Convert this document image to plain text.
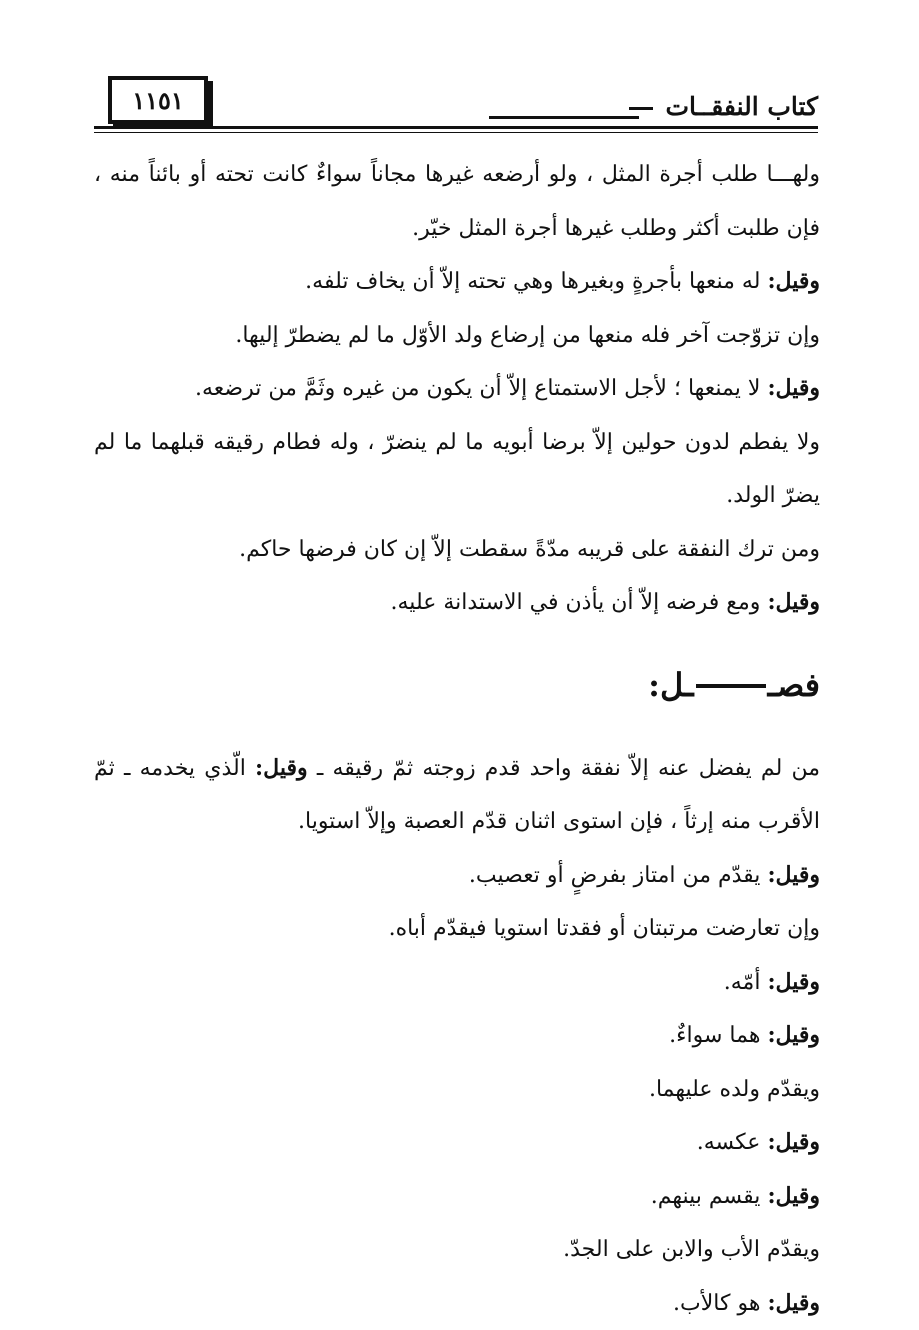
١١٥١	كتاب النفقــات
ولهـــا طلب أجرة المثل ، ولو أرضعه غيرها مجاناً سواءٌ كانت تحته أو بائناً منه ،
فإن طلبت أكثر وطلب غيرها أجرة المثل خيّر.
وقيل: له منعها بأجرةٍ وبغيرها وهي تحته إلاّ أن يخاف تلفه.
وإن تزوّجت آخر فله منعها من إرضاع ولد الأوّل ما لم يضطرّ إليها.
وقيل: لا يمنعها ؛ لأجل الاستمتاع إلاّ أن يكون من غيره وثَمَّ من ترضعه.
ولا يفطم لدون حولين إلاّ برضا أبويه ما لم ينضرّ ، وله فطام رقيقه قبلهما ما لم
يضرّ الولد.
ومن ترك النفقة على قريبه مدّةً سقطت إلاّ إن كان فرضها حاكم.
وقيل: ومع فرضه إلاّ أن يأذن في الاستدانة عليه.
فصـ
ـل:
من لم يفضل عنه إلاّ نفقة واحد قدم زوجته ثمّ رقيقه ـ وقيل: الّذي يخدمه ـ ثمّ
الأقرب منه إرثاً ، فإن استوى اثنان قدّم العصبة وإلاّ استويا.
وقيل: يقدّم من امتاز بفرضٍ أو تعصيب.
وإن تعارضت مرتبتان أو فقدتا استويا فيقدّم أباه.
وقيل: أمّه.
وقيل: هما سواءٌ.
ويقدّم ولده عليهما.
وقيل: عكسه.
وقيل: يقسم بينهم.
ويقدّم الأب والابن على الجدّ.
وقيل: هو كالأب.
